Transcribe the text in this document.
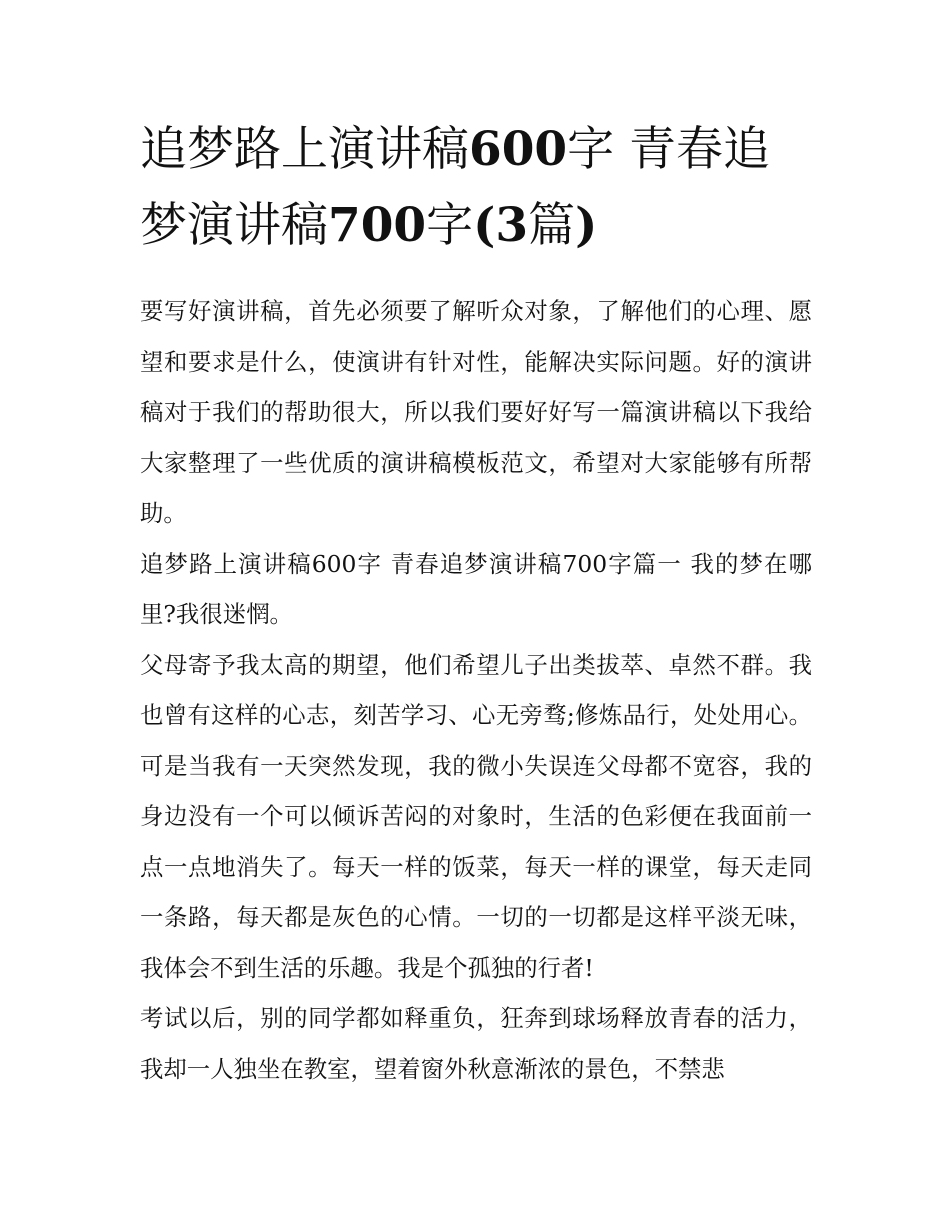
追梦路上演讲稿600字 青春追梦演讲稿700字(3篇)

要写好演讲稿，首先必须要了解听众对象，了解他们的心理、愿望和要求是什么，使演讲有针对性，能解决实际问题。好的演讲稿对于我们的帮助很大，所以我们要好好写一篇演讲稿以下我给大家整理了一些优质的演讲稿模板范文，希望对大家能够有所帮助。

追梦路上演讲稿600字 青春追梦演讲稿700字篇一 我的梦在哪里?我很迷惘。

父母寄予我太高的期望，他们希望儿子出类拔萃、卓然不群。我也曾有这样的心志，刻苦学习、心无旁骛;修炼品行，处处用心。可是当我有一天突然发现，我的微小失误连父母都不宽容，我的身边没有一个可以倾诉苦闷的对象时，生活的色彩便在我面前一点一点地消失了。每天一样的饭菜，每天一样的课堂，每天走同一条路，每天都是灰色的心情。一切的一切都是这样平淡无味，我体会不到生活的乐趣。我是个孤独的行者!

考试以后，别的同学都如释重负，狂奔到球场释放青春的活力，我却一人独坐在教室，望着窗外秋意渐浓的景色，不禁悲
